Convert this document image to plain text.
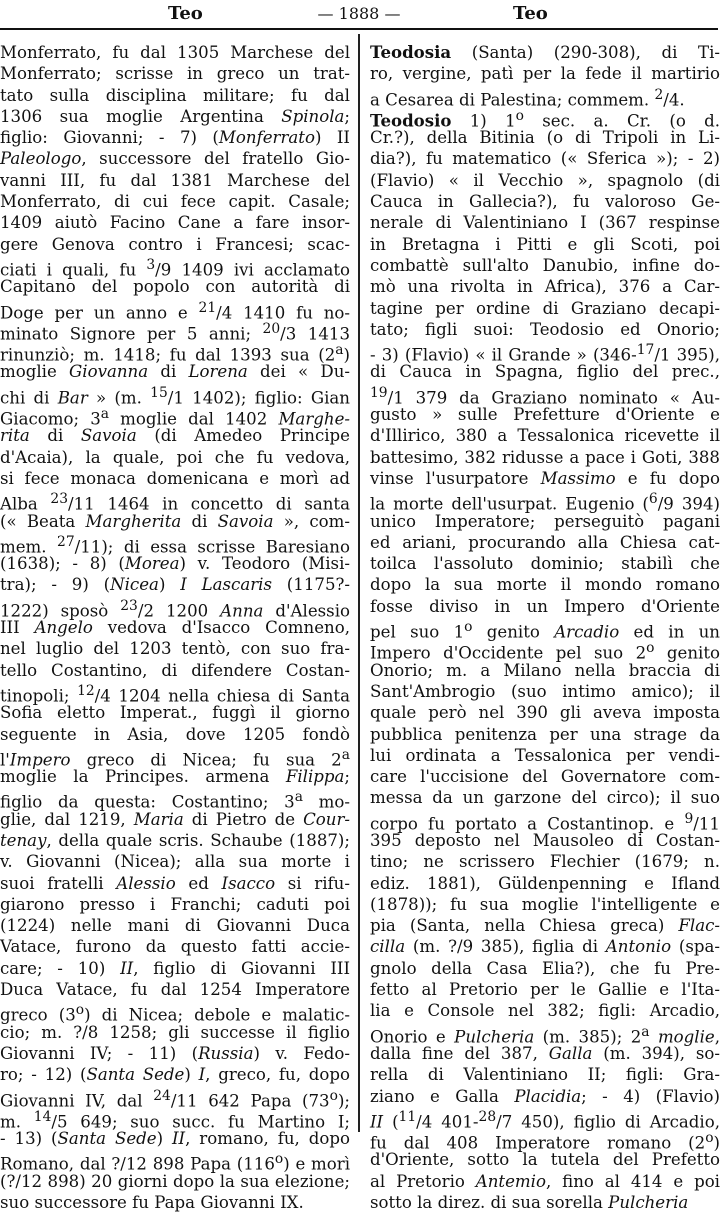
Teo	— 1888 —	Teo
Monferrato, fu dal 1305 Marchese del
Monferrato; scrisse in greco un trat-
tato sulla disciplina militare; fu dal
1306 sua moglie Argentina Spinola;
figlio: Giovanni; - 7) (Monferrato) II
Paleologo, successore del fratello Gio-
vanni III, fu dal 1381 Marchese del
Monferrato, di cui fece capit. Casale;
1409 aiutò Facino Cane a fare insor-
gere Genova contro i Francesi; scac-
ciati i quali, fu $^3$/9 1409 ivi acclamato
Capitano del popolo con autorità di
Doge per un anno e $^{21}$/4 1410 fu no-
minato Signore per 5 anni; $^{20}$/3 1413
rinunziò; m. 1418; fu dal 1393 sua (2$^a$)
moglie Giovanna di Lorena dei « Du-
chi di Bar » (m. $^{15}$/1 1402); figlio: Gian
Giacomo; 3$^a$ moglie dal 1402 Marghe-
rita di Savoia (di Amedeo Principe
d'Acaia), la quale, poi che fu vedova,
si fece monaca domenicana e morì ad
Alba $^{23}$/11 1464 in concetto di santa
(« Beata Margherita di Savoia », com-
mem. $^{27}$/11); di essa scrisse Baresiano
(1638); - 8) (Morea) v. Teodoro (Misi-
tra); - 9) (Nicea) I Lascaris (1175?-
1222) sposò $^{23}$/2 1200 Anna d'Alessio
III Angelo vedova d'Isacco Comneno,
nel luglio del 1203 tentò, con suo fra-
tello Costantino, di difendere Costan-
tinopoli; $^{12}$/4 1204 nella chiesa di Santa
Sofia eletto Imperat., fuggì il giorno
seguente in Asia, dove 1205 fondò
l'Impero greco di Nicea; fu sua 2$^a$
moglie la Principes. armena Filippa;
figlio da questa: Costantino; 3$^a$ mo-
glie, dal 1219, Maria di Pietro de Cour-
tenay, della quale scris. Schaube (1887);
v. Giovanni (Nicea); alla sua morte i
suoi fratelli Alessio ed Isacco si rifu-
giarono presso i Franchi; caduti poi
(1224) nelle mani di Giovanni Duca
Vatace, furono da questo fatti accie-
care; - 10) II, figlio di Giovanni III
Duca Vatace, fu dal 1254 Imperatore
greco (3$^o$) di Nicea; debole e malatic-
cio; m. ?/8 1258; gli successe il figlio
Giovanni IV; - 11) (Russia) v. Fedo-
ro; - 12) (Santa Sede) I, greco, fu, dopo
Giovanni IV, dal $^{24}$/11 642 Papa (73$^o$);
m. $^{14}$/5 649; suo succ. fu Martino I;
- 13) (Santa Sede) II, romano, fu, dopo
Romano, dal ?/12 898 Papa (116$^o$) e morì
(?/12 898) 20 giorni dopo la sua elezione;
suo successore fu Papa Giovanni IX.
Teodosia (Santa) (290-308), di Ti-
ro, vergine, patì per la fede il martirio
a Cesarea di Palestina; commem. $^2$/4.
Teodosio 1) 1$^o$ sec. a. Cr. (o d.
Cr.?), della Bitinia (o di Tripoli in Li-
dia?), fu matematico (« Sferica »); - 2)
(Flavio) « il Vecchio », spagnolo (di
Cauca in Gallecia?), fu valoroso Ge-
nerale di Valentiniano I (367 respinse
in Bretagna i Pitti e gli Scoti, poi
combattè sull'alto Danubio, infine do-
mò una rivolta in Africa), 376 a Car-
tagine per ordine di Graziano decapi-
tato; figli suoi: Teodosio ed Onorio;
- 3) (Flavio) « il Grande » (346-$^{17}$/1 395),
di Cauca in Spagna, figlio del prec.,
$^{19}$/1 379 da Graziano nominato « Au-
gusto » sulle Prefetture d'Oriente e
d'Illirico, 380 a Tessalonica ricevette il
battesimo, 382 ridusse a pace i Goti, 388
vinse l'usurpatore Massimo e fu dopo
la morte dell'usurpat. Eugenio ($^6$/9 394)
unico Imperatore; perseguitò pagani
ed ariani, procurando alla Chiesa cat-
toilca l'assoluto dominio; stabilì che
dopo la sua morte il mondo romano
fosse diviso in un Impero d'Oriente
pel suo 1$^o$ genito Arcadio ed in un
Impero d'Occidente pel suo 2$^o$ genito
Onorio; m. a Milano nella braccia di
Sant'Ambrogio (suo intimo amico); il
quale però nel 390 gli aveva imposta
pubblica penitenza per una strage da
lui ordinata a Tessalonica per vendi-
care l'uccisione del Governatore com-
messa da un garzone del circo); il suo
corpo fu portato a Costantinop. e $^9$/11
395 deposto nel Mausoleo di Costan-
tino; ne scrissero Flechier (1679; n.
ediz. 1881), Güldenpenning e Ifland
(1878)); fu sua moglie l'intelligente e
pia (Santa, nella Chiesa greca) Flac-
cilla (m. ?/9 385), figlia di Antonio (spa-
gnolo della Casa Elia?), che fu Pre-
fetto al Pretorio per le Gallie e l'Ita-
lia e Console nel 382; figli: Arcadio,
Onorio e Pulcheria (m. 385); 2$^a$ moglie,
dalla fine del 387, Galla (m. 394), so-
rella di Valentiniano II; figli: Gra-
ziano e Galla Placidia; - 4) (Flavio)
II ($^{11}$/4 401-$^{28}$/7 450), figlio di Arcadio,
fu dal 408 Imperatore romano (2$^o$)
d'Oriente, sotto la tutela del Prefetto
al Pretorio Antemio, fino al 414 e poi
sotto la direz. di sua sorella Pulcheria
